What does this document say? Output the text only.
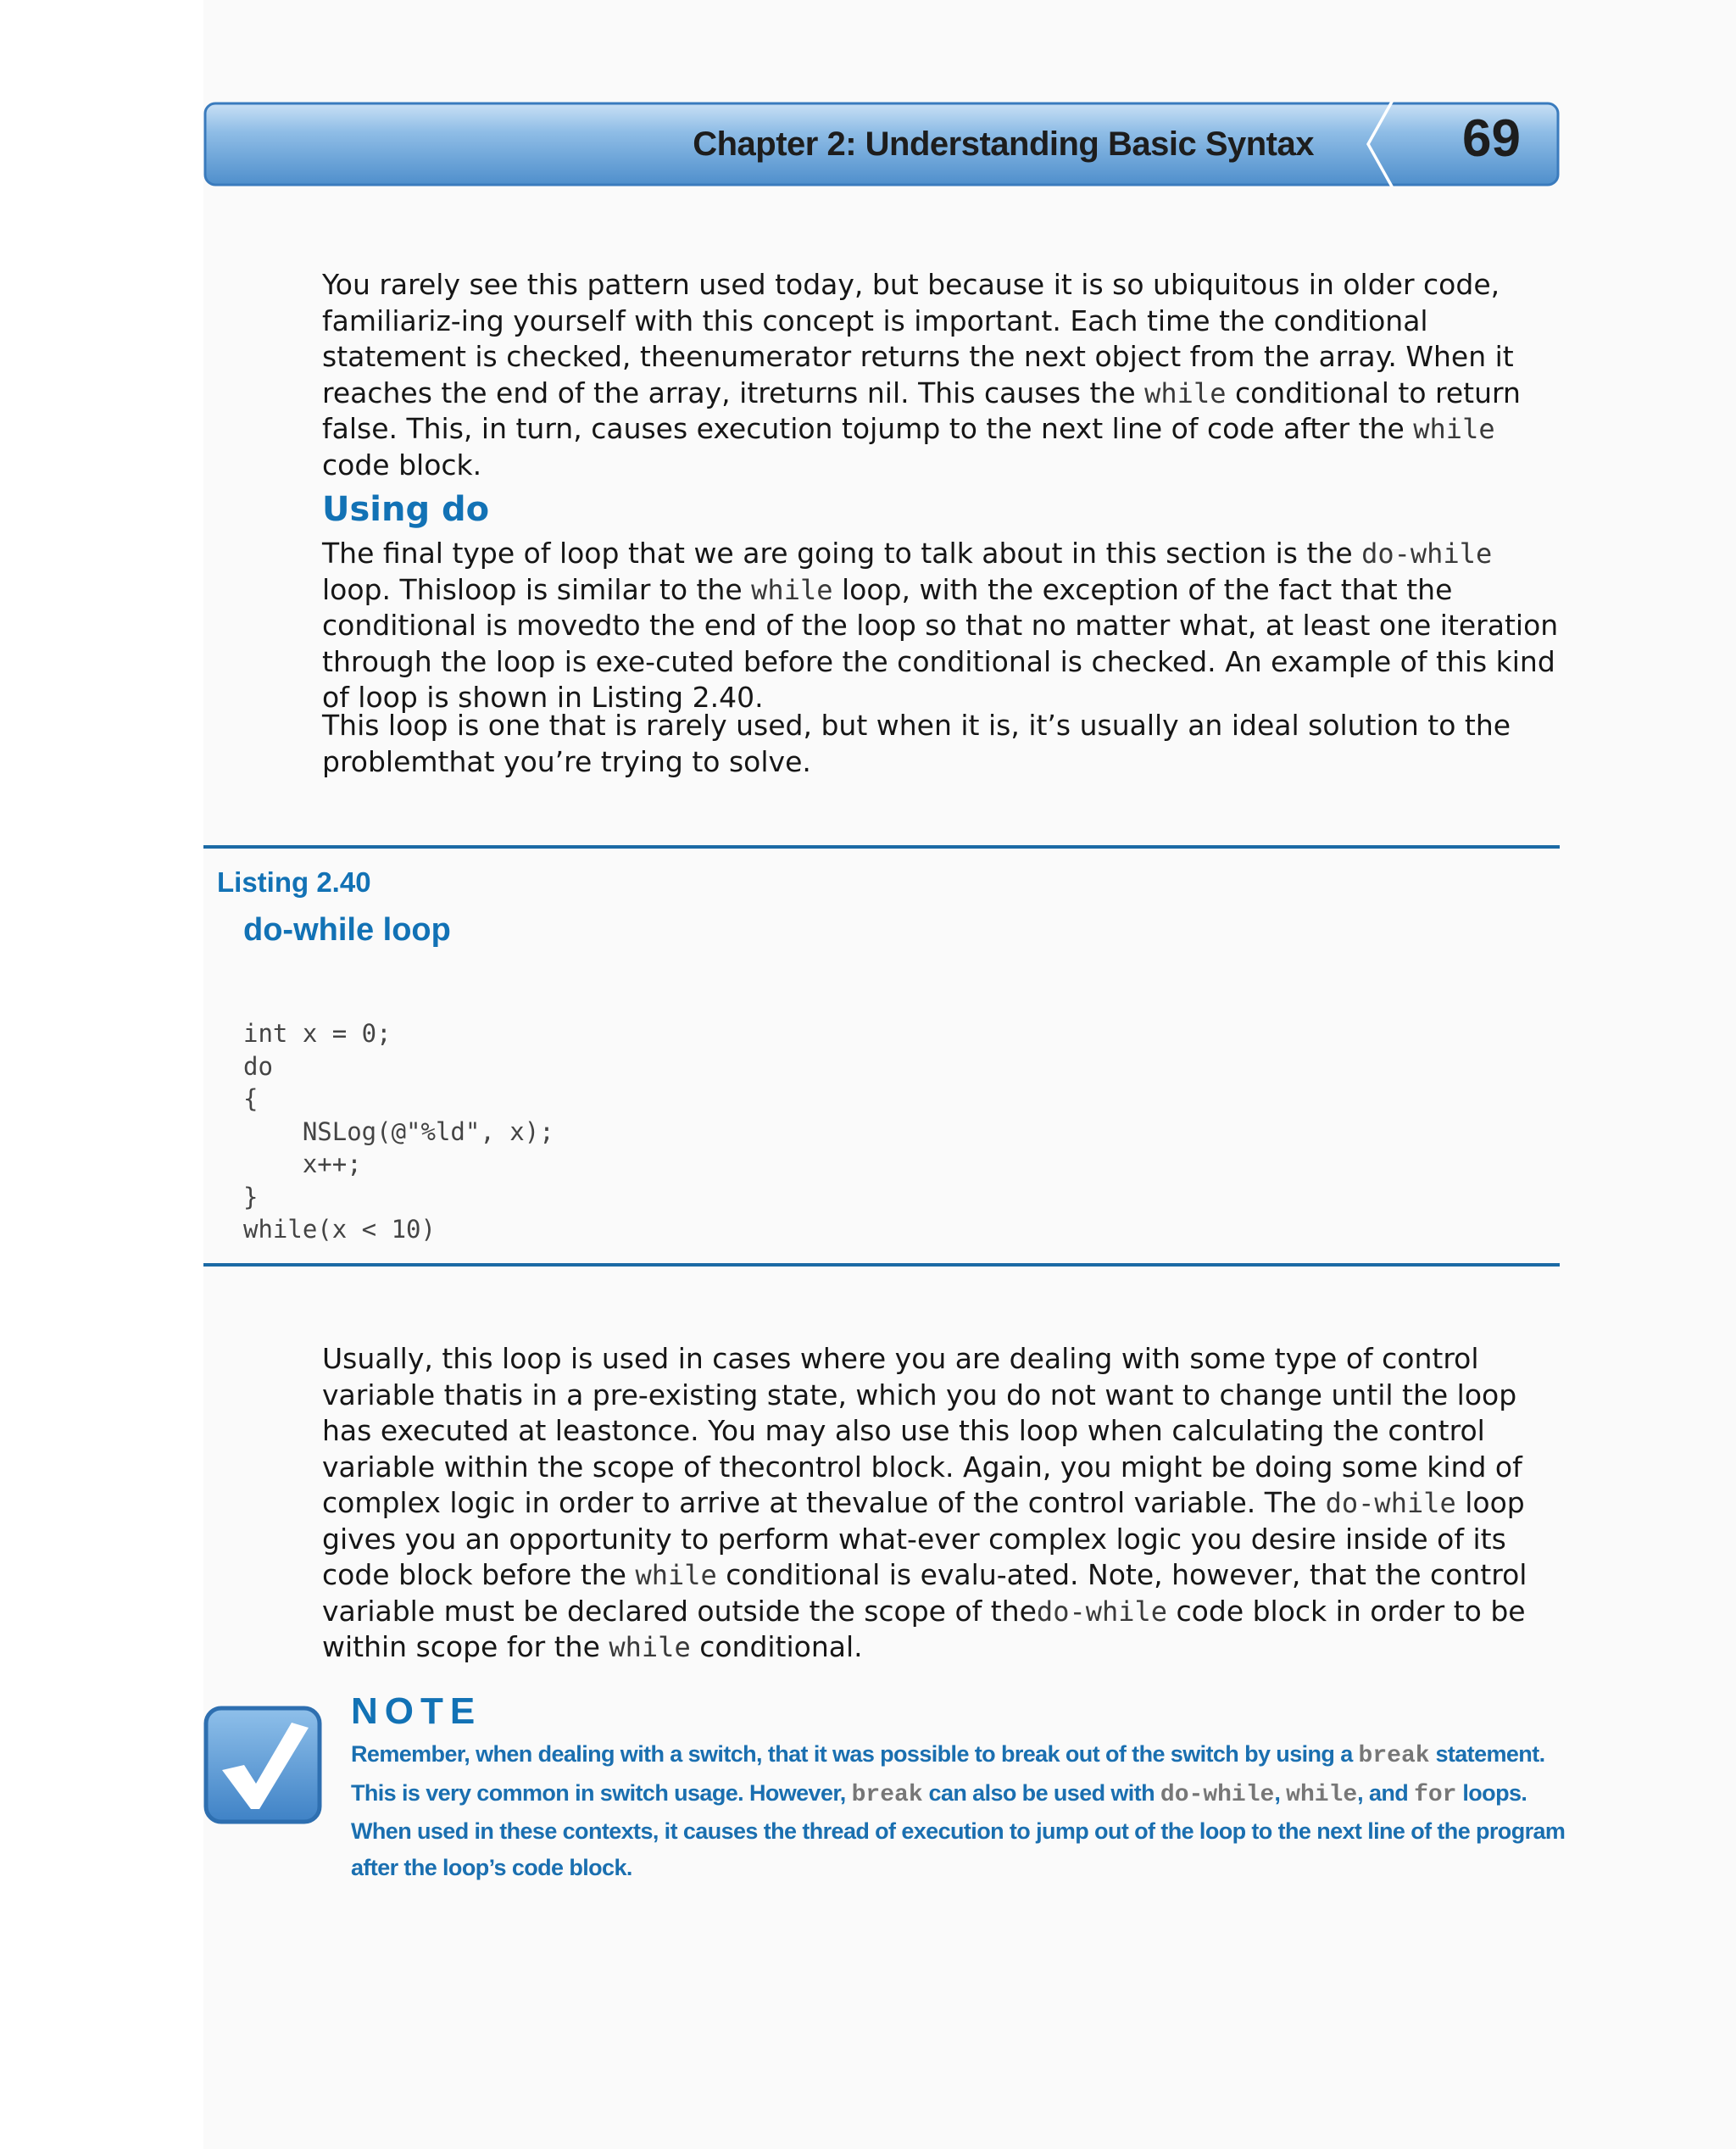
Chapter 2: Understanding Basic Syntax	69
You rarely see this pattern used today, but because it is so ubiquitous in older code, familiariz-ing yourself with this concept is important. Each time the conditional statement is checked, theenumerator returns the next object from the array. When it reaches the end of the array, itreturns nil. This causes the while conditional to return false. This, in turn, causes execution tojump to the next line of code after the while code block.
Using do
The final type of loop that we are going to talk about in this section is the do-while loop. Thisloop is similar to the while loop, with the exception of the fact that the conditional is movedto the end of the loop so that no matter what, at least one iteration through the loop is exe-cuted before the conditional is checked. An example of this kind of loop is shown in Listing 2.40.
This loop is one that is rarely used, but when it is, it’s usually an ideal solution to the problemthat you’re trying to solve.
Listing 2.40
do-while loop
int x = 0;
do
{
NSLog(@"%ld", x);
x++;
}
while(x < 10)
Usually, this loop is used in cases where you are dealing with some type of control variable thatis in a pre-existing state, which you do not want to change until the loop has executed at leastonce. You may also use this loop when calculating the control variable within the scope of thecontrol block. Again, you might be doing some kind of complex logic in order to arrive at thevalue of the control variable. The do-while loop gives you an opportunity to perform what-ever complex logic you desire inside of its code block before the while conditional is evalu-ated. Note, however, that the control variable must be declared outside the scope of thedo-while code block in order to be within scope for the while conditional.
NOTE
Remember, when dealing with a switch, that it was possible to break out of the switch by using a break statement.
This is very common in switch usage. However, break can also be used with do-while, while, and for loops.
When used in these contexts, it causes the thread of execution to jump out of the loop to the next line of the program
after the loop’s code block.
